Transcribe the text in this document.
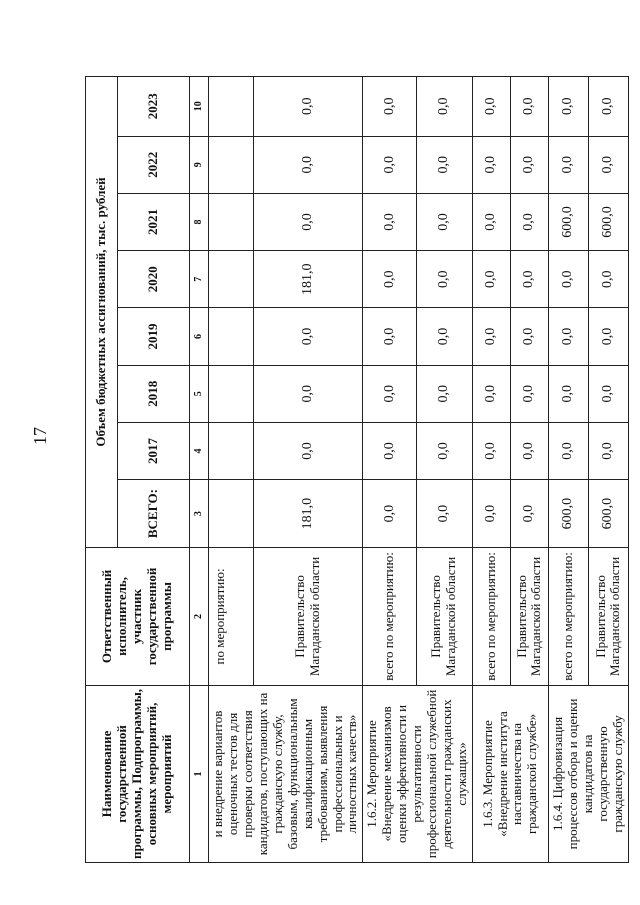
17
Наименование государственной программы, Подпрограммы, основных мероприятий, мероприятий	Ответственный исполнитель, участник государственной программы	Объем бюджетных ассигнований, тыс. рублей							
		ВСЕГО:	2017	2018	2019	2020	2021	2022	2023
1	2	3	4	5	6	7	8	9	10
и внедрение вариантов оценочных тестов для проверки соответствия кандидатов, поступающих на гражданскую службу, базовым, функциональным квалификационным требованиям, выявления профессиональных и личностных качеств»	по мероприятию:								
	Правительство Магаданской области	181,0	0,0	0,0	0,0	181,0	0,0	0,0	0,0
1.6.2. Мероприятие «Внедрение механизмов оценки эффективности и результативности профессиональной служебной деятельности гражданских служащих»	всего по мероприятию:	0,0	0,0	0,0	0,0	0,0	0,0	0,0	0,0
	Правительство Магаданской области	0,0	0,0	0,0	0,0	0,0	0,0	0,0	0,0
1.6.3. Мероприятие «Внедрение института наставничества на гражданской службе»	всего по мероприятию:	0,0	0,0	0,0	0,0	0,0	0,0	0,0	0,0
	Правительство Магаданской области	0,0	0,0	0,0	0,0	0,0	0,0	0,0	0,0
1.6.4. Цифровизация процессов отбора и оценки кандидатов на государственную гражданскую службу	всего по мероприятию:	600,0	0,0	0,0	0,0	0,0	600,0	0,0	0,0
	Правительство Магаданской области	600,0	0,0	0,0	0,0	0,0	600,0	0,0	0,0
